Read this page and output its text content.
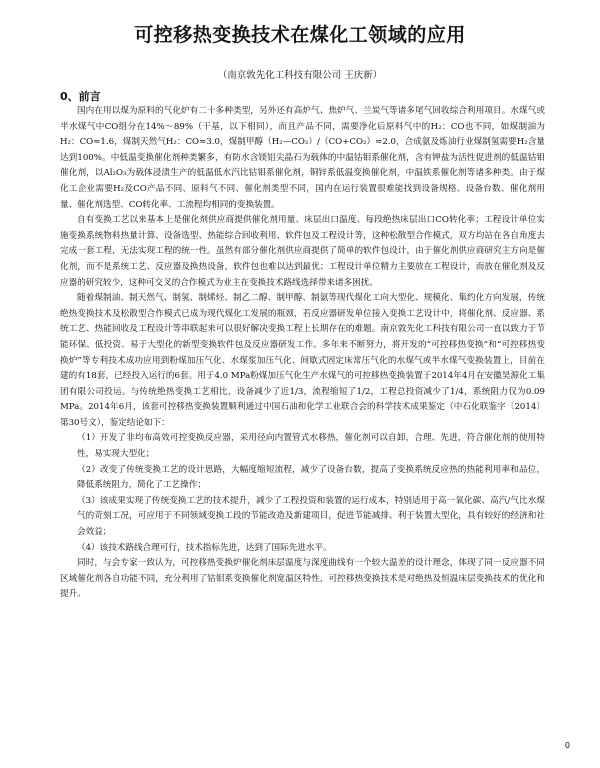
可控移热变换技术在煤化工领域的应用
（南京敦先化工科技有限公司 王庆新）
0、前言

国内在用以煤为原料的气化炉有二十多种类型，另外还有高炉气、焦炉气、兰炭气等诸多尾气回收综合利用项目。水煤气或半水煤气中CO组分在14%～89%（干基，以下相同），而且产品不同，需要净化后原料气中的H₂：CO也不同，如煤制油为H₂：CO≈1.6，煤制天然气H₂：CO≈3.0，煤制甲醇（H₂—CO₂）/（CO+CO₂）≈2.0，合成氨及炼油行业煤制氢需要H₂含量达到100%。中低温变换催化剂种类繁多，有防水含镁铝尖晶石为载体的中温钴钼系催化剂，含有钾盐为活性促进剂的低温钴钼催化剂，以Al₂O₃为载体浸渍生产的低温低水汽比钴钼系催化剂，铜锌系低温变换催化剂，中温铁系催化剂等诸多种类。由于煤化工企业需要H₂及CO产品不同、原料气不同、催化剂类型不同，国内在运行装置很难能找到设备规格、设备台数、催化剂用量、催化剂选型、CO转化率、工流程均相同的变换装置。

自有变换工艺以来基本上是催化剂供应商提供催化剂用量、床层出口温度、每段绝热床层出口CO转化率；工程设计单位实施变换系统物料热量计算、设备选型、热能综合回收利用、软件包及工程设计等，这种松散型合作模式，双方均站在各自角度去完成一套工程，无法实现工程的统一性。虽然有部分催化剂供应商提供了简单的软件包设计，由于催化剂供应商研究主方向是催化剂，而不是系统工艺、反应器及换热设备，软件包也难以达到最优；工程设计单位精力主要放在工程设计，而放在催化剂及反应器的研究较少，这种可交叉的合作模式为业主在变换技术路线选择带来诸多困扰。

随着煤制油、制天然气、制氢、制烯烃、制乙二醇、制甲醇、制氨等现代煤化工向大型化、规模化、集约化方向发展，传统绝热变换技术及松散型合作模式已成为现代煤化工发展的瓶颈，若反应器研发单位接入变换工艺设计中，将催化剂、反应器、系统工艺、热能回收及工程设计等串联起来可以很好解决变换工程上长期存在的难题。南京敦先化工科技有限公司一直以致力于节能环保、低投资、易于大型化的新型变换软件包及反应器研发工作。多年来不断努力，将开发的“可控移热变换”和“可控移热变换炉”等专利技术成功应用到粉煤加压气化、水煤浆加压气化、间歇式固定床常压气化的水煤气或半水煤气变换装置上，目前在建的有18套，已经投入运行的6套。用于4.0 MPa粉煤加压气化生产水煤气的可控移热变换装置于2014年4月在安徽昊源化工集团有限公司投运。与传统绝热变换工艺相比，设备减少了近1/3，流程缩短了1/2，工程总投资减少了1/4，系统阻力仅为0.09 MPa。2014年6月，该套可控移热变换装置顺利通过中国石油和化学工业联合会的科学技术成果鉴定（中石化联鉴字〔2014〕第30号文），鉴定结论如下：

（1）开发了非均布高效可控变换反应器，采用径向内置管式水移热，催化剂可以自卸，合理、先进，符合催化剂的使用特性，易实现大型化；

（2）改变了传统变换工艺的设计思路，大幅度缩短流程，减少了设备台数，提高了变换系统反应热的热能利用率和品位，降低系统阻力，简化了工艺操作；

（3）该成果实现了传统变换工艺的技术提升，减少了工程投资和装置的运行成本，特别适用于高一氧化碳、高汽/气比水煤气的苛刻工况，可应用于不同领域变换工段的节能改造及新建项目，促进节能减排、利于装置大型化，具有较好的经济和社会效益；

（4）该技术路线合理可行，技术指标先进，达到了国际先进水平。

同时，与会专家一致认为，可控移热变换炉催化剂床层温度与深度曲线有一个较大温差的设计理念，体现了同一反应器不同区域催化剂各自功能不同，充分利用了钴钼系变换催化剂宽温区特性，可控移热变换技术是对绝热及恒温床层变换技术的优化和提升。

0
